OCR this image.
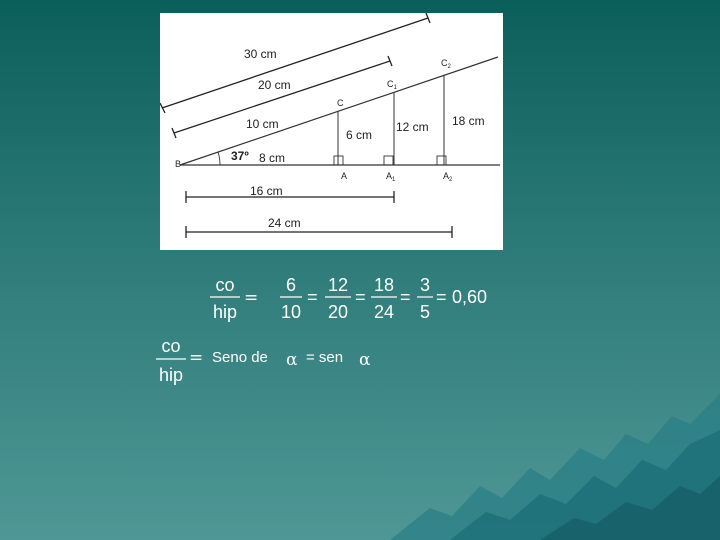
30 cm
20 cm
10 cm
8 cm
16 cm
24 cm
6 cm
12 cm 18 cm
37º
B
A	$A_1$	$A_2$
C
$C_1$
$C_2$
co
hip
=
6
10
=
12
20
=
18
24
=
3
5
= 0,60
co
hip
= Seno de α = sen α
